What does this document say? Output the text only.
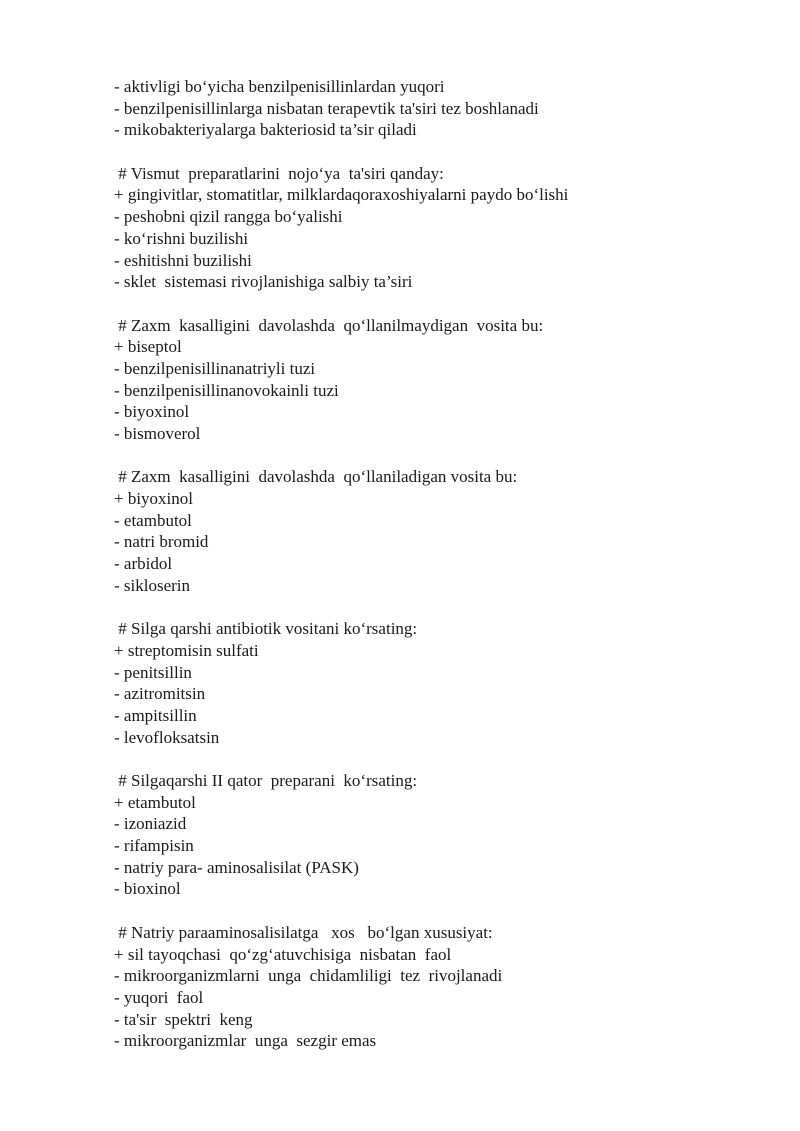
- aktivligi bo‘yicha benzilpenisillinlardan yuqori

- benzilpenisillinlarga nisbatan terapevtik ta'siri tez boshlanadi

- mikobakteriyalarga bakteriosid ta’sir qiladi

# Vismut  preparatlarini  nojo‘ya  ta'siri qanday:

+ gingivitlar, stomatitlar, milklardaqoraxoshiyalarni paydo bo‘lishi

- peshobni qizil rangga bo‘yalishi

- ko‘rishni buzilishi

- eshitishni buzilishi

- sklet  sistemasi rivojlanishiga salbiy ta’siri

# Zaxm  kasalligini  davolashda  qo‘llanilmaydigan  vosita bu:

+ biseptol

- benzilpenisillinanatriyli tuzi

- benzilpenisillinanovokainli tuzi

- biyoxinol

- bismoverol

# Zaxm  kasalligini  davolashda  qo‘llaniladigan vosita bu:

+ biyoxinol

- etambutol

- natri bromid

- arbidol

- sikloserin

# Silga qarshi antibiotik vositani ko‘rsating:

+ streptomisin sulfati

- penitsillin

- azitromitsin

- ampitsillin

- levofloksatsin

# Silgaqarshi II qator  preparani  ko‘rsating:

+ etambutol

- izoniazid

- rifampisin

- natriy para- aminosalisilat (PASK)

- bioxinol

# Natriy paraaminosalisilatga   xos   bo‘lgan xususiyat:

+ sil tayoqchasi  qo‘zg‘atuvchisiga  nisbatan  faol

- mikroorganizmlarni  unga  chidamliligi  tez  rivojlanadi

- yuqori  faol

- ta'sir  spektri  keng

- mikroorganizmlar  unga  sezgir emas
